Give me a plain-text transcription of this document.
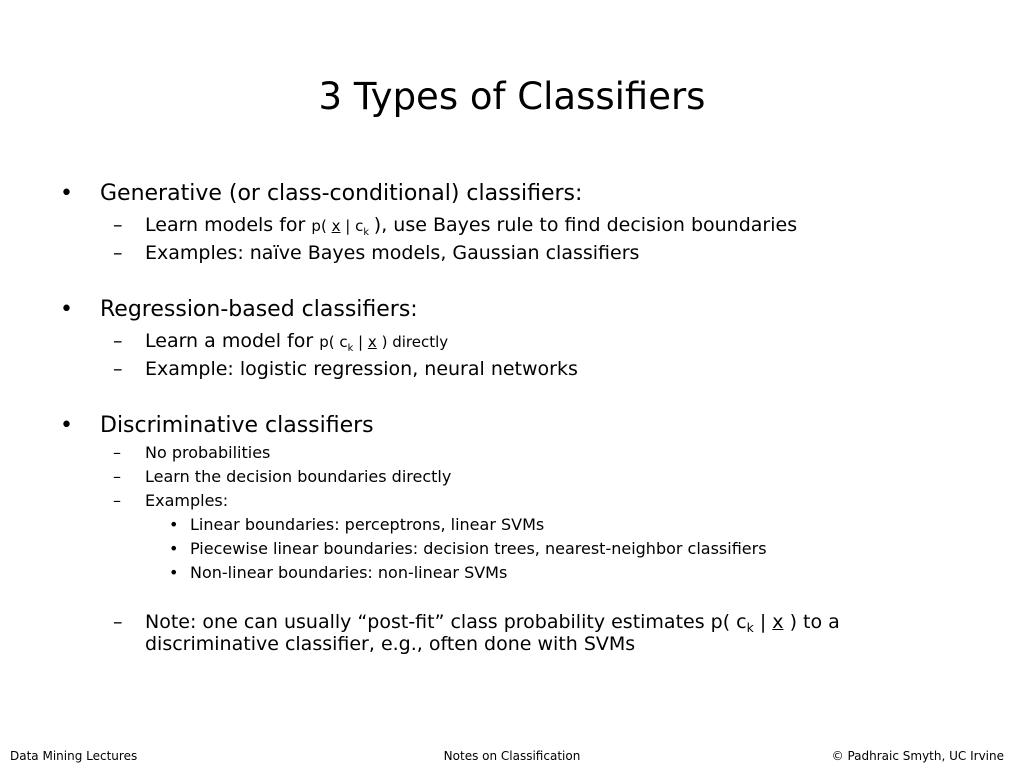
3 Types of Classifiers
• Generative (or class-conditional) classifiers:
– Learn models for p( x | $c_k$ ), use Bayes rule to find decision boundaries
– Examples: naïve Bayes models, Gaussian classifiers
• Regression-based classifiers:
– Learn a model for p( $c_k$ | x ) directly
– Example: logistic regression, neural networks
• Discriminative classifiers
– No probabilities
– Learn the decision boundaries directly
– Examples:
• Linear boundaries: perceptrons, linear SVMs
• Piecewise linear boundaries: decision trees, nearest-neighbor classifiers
• Non-linear boundaries: non-linear SVMs
– Note: one can usually “post-fit” class probability estimates p( $c_k$ | x ) to a
discriminative classifier, e.g., often done with SVMs
Data Mining Lectures	Notes on Classification	© Padhraic Smyth, UC Irvine
